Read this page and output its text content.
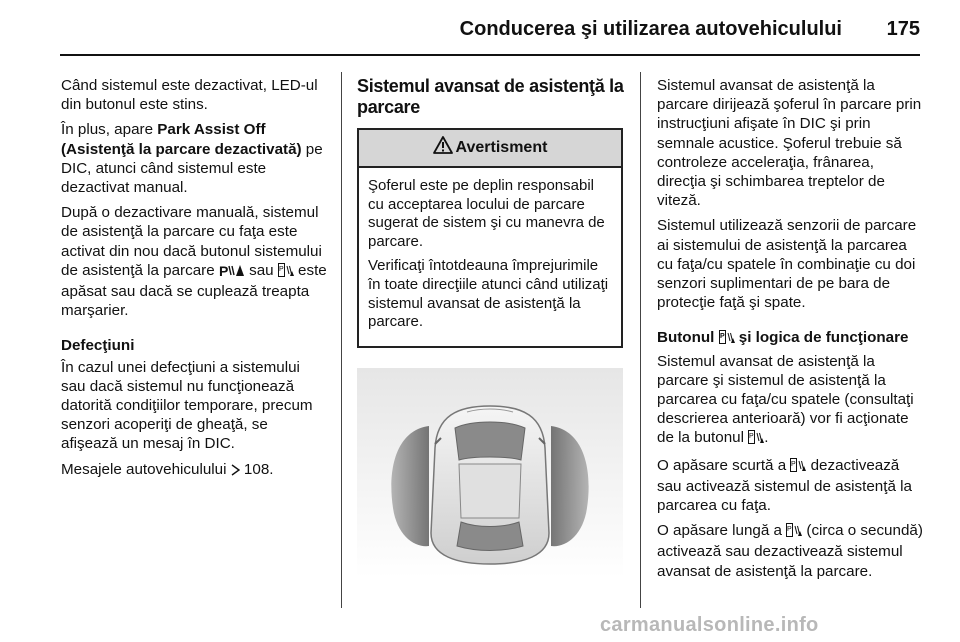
Conducerea şi utilizarea autovehiculului 175

Când sistemul este dezactivat, LED-ul din butonul este stins.

În plus, apare Park Assist Off (Asistenţă la parcare dezactivată) pe DIC, atunci când sistemul este dezactivat manual.

După o dezactivare manuală, sistemul de asistenţă la parcare cu faţa este activat din nou dacă butonul sistemului de asistenţă la parcare P sau P este apăsat sau dacă se cuplează treapta marşarier.

Defecţiuni

În cazul unei defecţiuni a sistemului sau dacă sistemul nu funcţionează datorită condiţiilor temporare, precum senzori acoperiţi de gheaţă, se afişează un mesaj în DIC.

Mesajele autovehiculului  108.

Sistemul avansat de asistenţă la parcare
Avertisment

Şoferul este pe deplin responsabil cu acceptarea locului de parcare sugerat de sistem şi cu manevra de parcare.

Verificaţi întotdeauna împrejurimile în toate direcţiile atunci când utilizaţi sistemul avansat de asistenţă la parcare.

Sistemul avansat de asistenţă la parcare dirijează şoferul în parcare prin instrucţiuni afişate în DIC şi prin semnale acustice. Şoferul trebuie să controleze acceleraţia, frânarea, direcţia şi schimbarea treptelor de viteză.

Sistemul utilizează senzorii de parcare ai sistemului de asistenţă la parcarea cu faţa/cu spatele în combinaţie cu doi senzori suplimentari de pe bara de protecţie faţă şi spate.

Butonul P şi logica de funcţionare

Sistemul avansat de asistenţă la parcare şi sistemul de asistenţă la parcarea cu faţa/cu spatele (consultaţi descrierea anterioară) vor fi acţionate de la butonul P .

O apăsare scurtă a P dezactivează sau activează sistemul de asistenţă la parcarea cu faţa.

O apăsare lungă a P (circa o secundă) activează sau dezactivează sistemul avansat de asistenţă la parcare.

carmanualsonline.info
